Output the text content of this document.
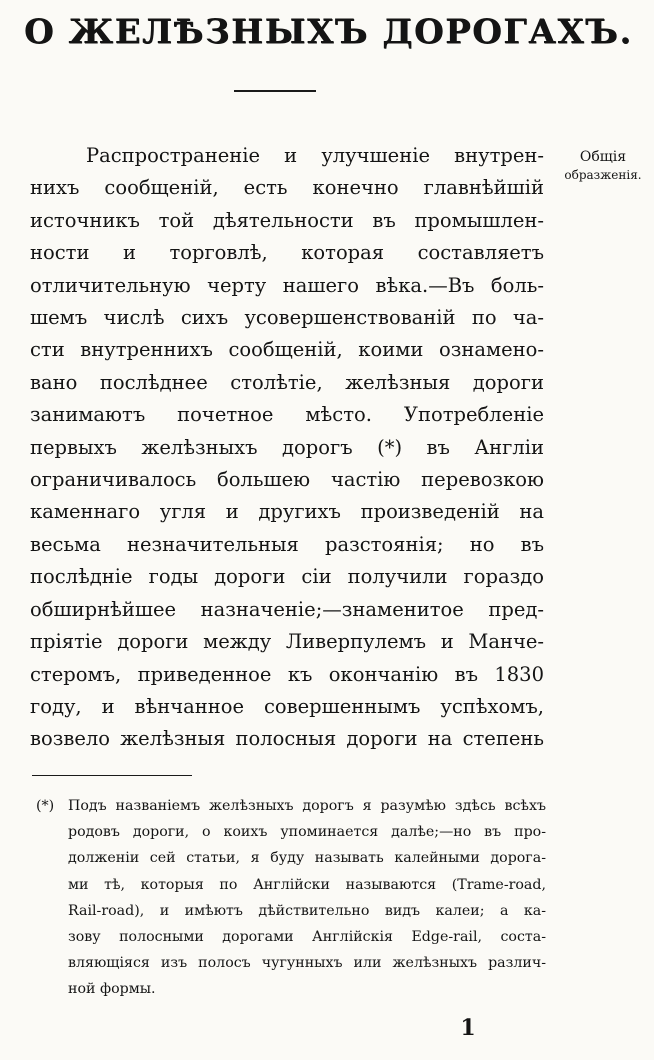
О ЖЕЛѢЗНЫХЪ ДОРОГАХЪ.
Общія
образженія.
Распространеніе и улучшеніе внутрен-
нихъ сообщеній, есть конечно главнѣйшій
источникъ той дѣятельности въ промышлен-
ности и торговлѣ, которая составляетъ
отличительную черту нашего вѣка.—Въ боль-
шемъ числѣ сихъ усовершенствованій по ча-
сти внутреннихъ сообщеній, коими ознамено-
вано послѣднее столѣтіе, желѣзныя дороги
занимаютъ почетное мѣсто. Употребленіе
первыхъ желѣзныхъ дорогъ (*) въ Англіи
ограничивалось большею частію перевозкою
каменнаго угля и другихъ произведеній на
весьма незначительныя разстоянія; но въ
послѣдніе годы дороги сіи получили гораздо
обширнѣйшее назначеніе;—знаменитое пред-
пріятіе дороги между Ливерпулемъ и Манче-
стеромъ, приведенное къ окончанію въ 1830
году, и вѣнчанное совершеннымъ успѣхомъ,
возвело желѣзныя полосныя дороги на степень
(*) Подъ названіемъ желѣзныхъ дорогъ я разумѣю здѣсь всѣхъ
родовъ дороги, о коихъ упоминается далѣе;—но въ про-
долженіи сей статьи, я буду называть калейными дорога-
ми тѣ, которыя по Англійски называются (Trame-road,
Rail-road), и имѣютъ дѣйствительно видъ калеи; а ка-
зову полосными дорогами Англійскія Edge-rail, соста-
вляющіяся изъ полосъ чугунныхъ или желѣзныхъ различ-
ной формы.
1
